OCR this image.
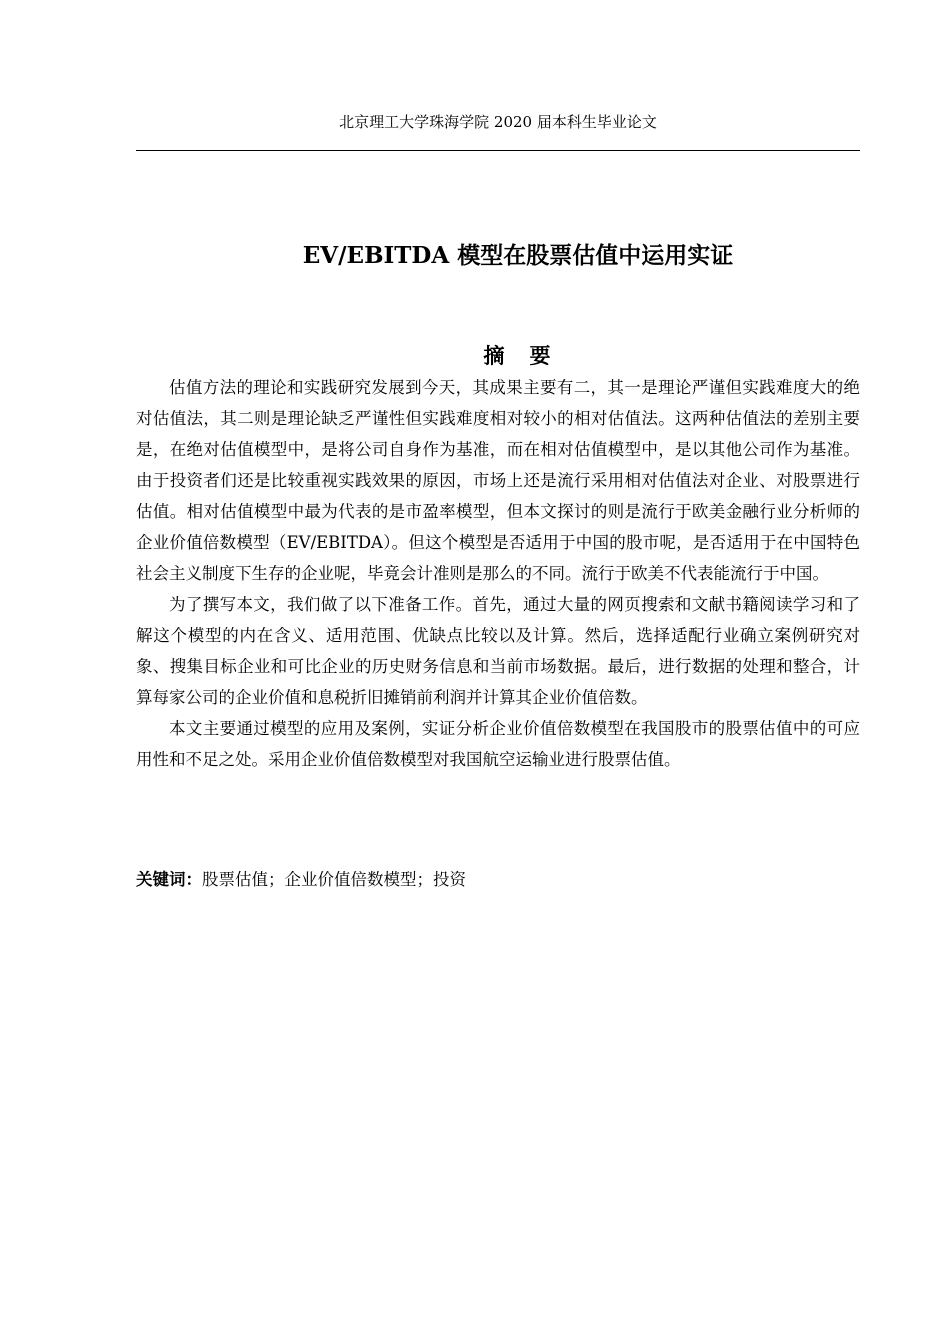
北京理工大学珠海学院 2020 届本科生毕业论文
EV/EBITDA 模型在股票估值中运用实证
摘　要

估值方法的理论和实践研究发展到今天，其成果主要有二，其一是理论严谨但实践难度大的绝对估值法，其二则是理论缺乏严谨性但实践难度相对较小的相对估值法。这两种估值法的差别主要是，在绝对估值模型中，是将公司自身作为基准，而在相对估值模型中，是以其他公司作为基准。由于投资者们还是比较重视实践效果的原因，市场上还是流行采用相对估值法对企业、对股票进行估值。相对估值模型中最为代表的是市盈率模型，但本文探讨的则是流行于欧美金融行业分析师的企业价值倍数模型（EV/EBITDA）。但这个模型是否适用于中国的股市呢，是否适用于在中国特色社会主义制度下生存的企业呢，毕竟会计准则是那么的不同。流行于欧美不代表能流行于中国。

为了撰写本文，我们做了以下准备工作。首先，通过大量的网页搜索和文献书籍阅读学习和了解这个模型的内在含义、适用范围、优缺点比较以及计算。然后，选择适配行业确立案例研究对象、搜集目标企业和可比企业的历史财务信息和当前市场数据。最后，进行数据的处理和整合，计算每家公司的企业价值和息税折旧摊销前利润并计算其企业价值倍数。

本文主要通过模型的应用及案例，实证分析企业价值倍数模型在我国股市的股票估值中的可应用性和不足之处。采用企业价值倍数模型对我国航空运输业进行股票估值。

关键词：股票估值；企业价值倍数模型；投资
